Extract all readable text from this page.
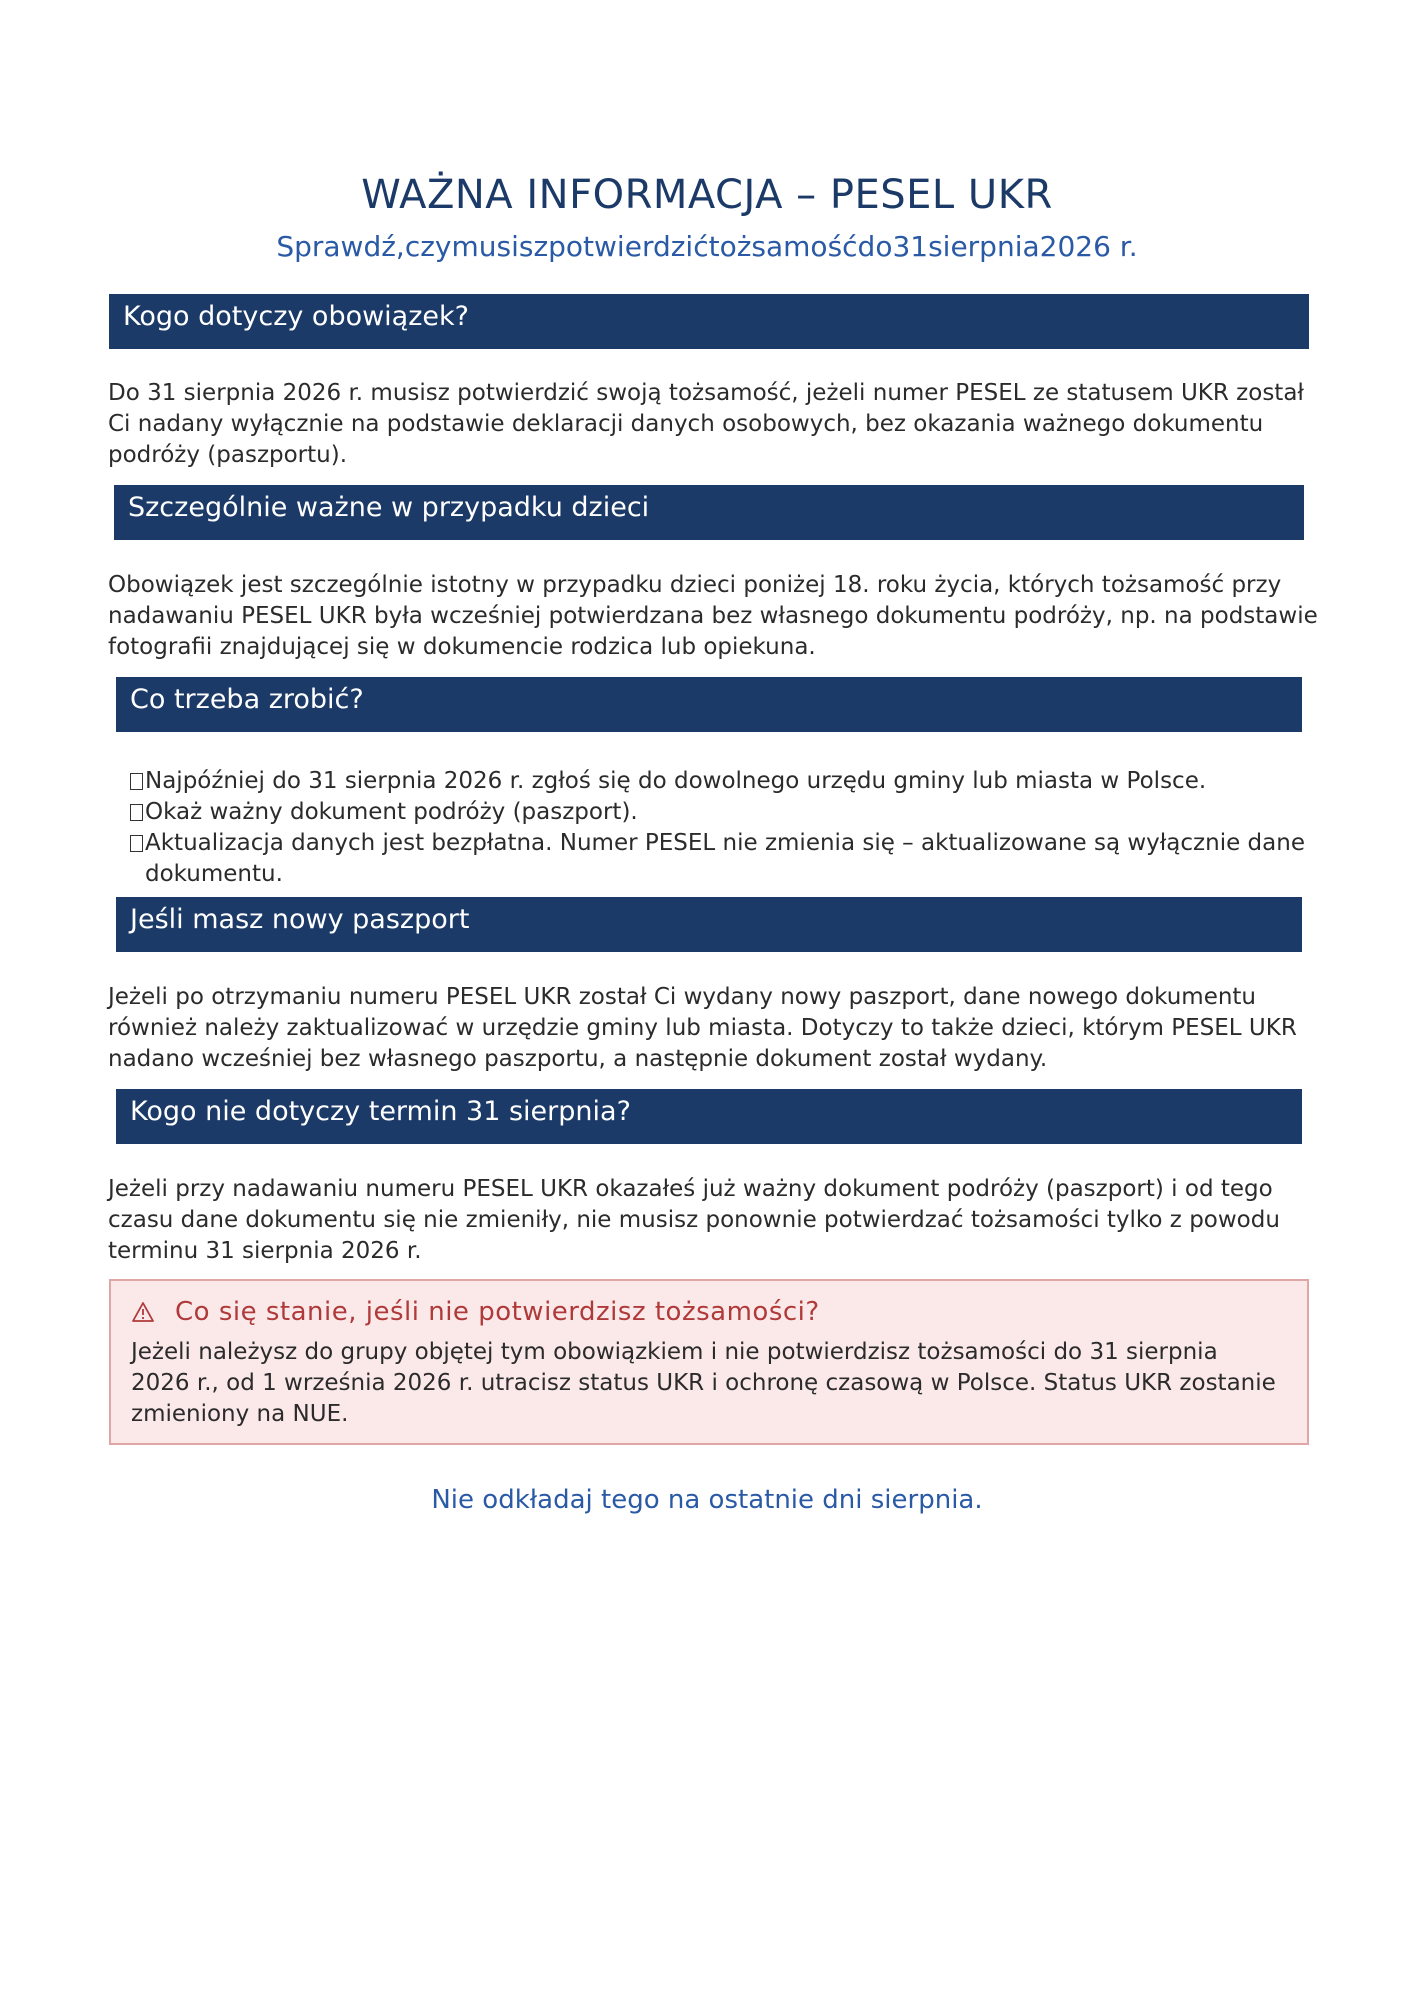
WAŻNA INFORMACJA – PESEL UKR
Sprawdź,czymusiszpotwierdzićtożsamośćdo31sierpnia2026 r.
Kogo dotyczy obowiązek?
Do 31 sierpnia 2026 r. musisz potwierdzić swoją tożsamość, jeżeli numer PESEL ze statusem UKR został Ci nadany wyłącznie na podstawie deklaracji danych osobowych, bez okazania ważnego dokumentu podróży (paszportu).
Szczególnie ważne w przypadku dzieci
Obowiązek jest szczególnie istotny w przypadku dzieci poniżej 18. roku życia, których tożsamość przy nadawaniu PESEL UKR była wcześniej potwierdzana bez własnego dokumentu podróży, np. na podstawie fotografii znajdującej się w dokumencie rodzica lub opiekuna.
Co trzeba zrobić?
Najpóźniej do 31 sierpnia 2026 r. zgłoś się do dowolnego urzędu gminy lub miasta w Polsce.
Okaż ważny dokument podróży (paszport).
Aktualizacja danych jest bezpłatna. Numer PESEL nie zmienia się – aktualizowane są wyłącznie dane dokumentu.
Jeśli masz nowy paszport
Jeżeli po otrzymaniu numeru PESEL UKR został Ci wydany nowy paszport, dane nowego dokumentu również należy zaktualizować w urzędzie gminy lub miasta. Dotyczy to także dzieci, którym PESEL UKR nadano wcześniej bez własnego paszportu, a następnie dokument został wydany.
Kogo nie dotyczy termin 31 sierpnia?
Jeżeli przy nadawaniu numeru PESEL UKR okazałeś już ważny dokument podróży (paszport) i od tego czasu dane dokumentu się nie zmieniły, nie musisz ponownie potwierdzać tożsamości tylko z powodu terminu 31 sierpnia 2026 r.
Co się stanie, jeśli nie potwierdzisz tożsamości?
Jeżeli należysz do grupy objętej tym obowiązkiem i nie potwierdzisz tożsamości do 31 sierpnia 2026 r., od 1 września 2026 r. utracisz status UKR i ochronę czasową w Polsce. Status UKR zostanie zmieniony na NUE.
Nie odkładaj tego na ostatnie dni sierpnia.
